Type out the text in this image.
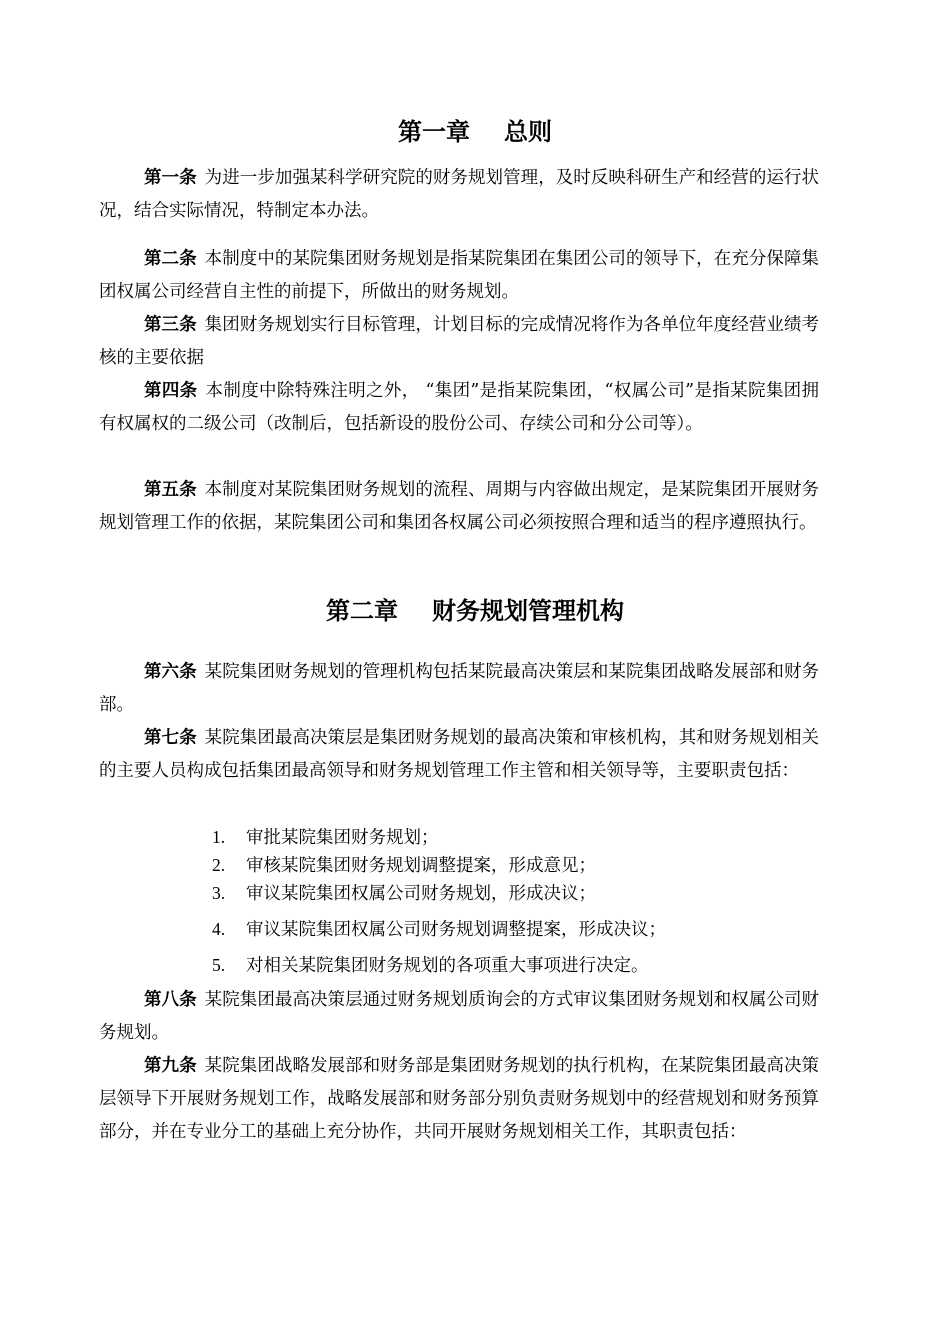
第一章 总则

第一条 为进一步加强某科学研究院的财务规划管理，及时反映科研生产和经营的运行状况，结合实际情况，特制定本办法。

第二条 本制度中的某院集团财务规划是指某院集团在集团公司的领导下，在充分保障集团权属公司经营自主性的前提下，所做出的财务规划。

第三条 集团财务规划实行目标管理，计划目标的完成情况将作为各单位年度经营业绩考核的主要依据

第四条 本制度中除特殊注明之外， “集团”是指某院集团，“权属公司”是指某院集团拥有权属权的二级公司（改制后，包括新设的股份公司、存续公司和分公司等）。

第五条 本制度对某院集团财务规划的流程、周期与内容做出规定，是某院集团开展财务规划管理工作的依据，某院集团公司和集团各权属公司必须按照合理和适当的程序遵照执行。

第二章 财务规划管理机构

第六条 某院集团财务规划的管理机构包括某院最高决策层和某院集团战略发展部和财务部。

第七条 某院集团最高决策层是集团财务规划的最高决策和审核机构，其和财务规划相关的主要人员构成包括集团最高领导和财务规划管理工作主管和相关领导等，主要职责包括：

1. 审批某院集团财务规划；
2. 审核某院集团财务规划调整提案，形成意见；
3. 审议某院集团权属公司财务规划，形成决议；
4. 审议某院集团权属公司财务规划调整提案，形成决议；
5. 对相关某院集团财务规划的各项重大事项进行决定。

第八条 某院集团最高决策层通过财务规划质询会的方式审议集团财务规划和权属公司财务规划。

第九条 某院集团战略发展部和财务部是集团财务规划的执行机构，在某院集团最高决策层领导下开展财务规划工作，战略发展部和财务部分别负责财务规划中的经营规划和财务预算部分，并在专业分工的基础上充分协作，共同开展财务规划相关工作，其职责包括：
